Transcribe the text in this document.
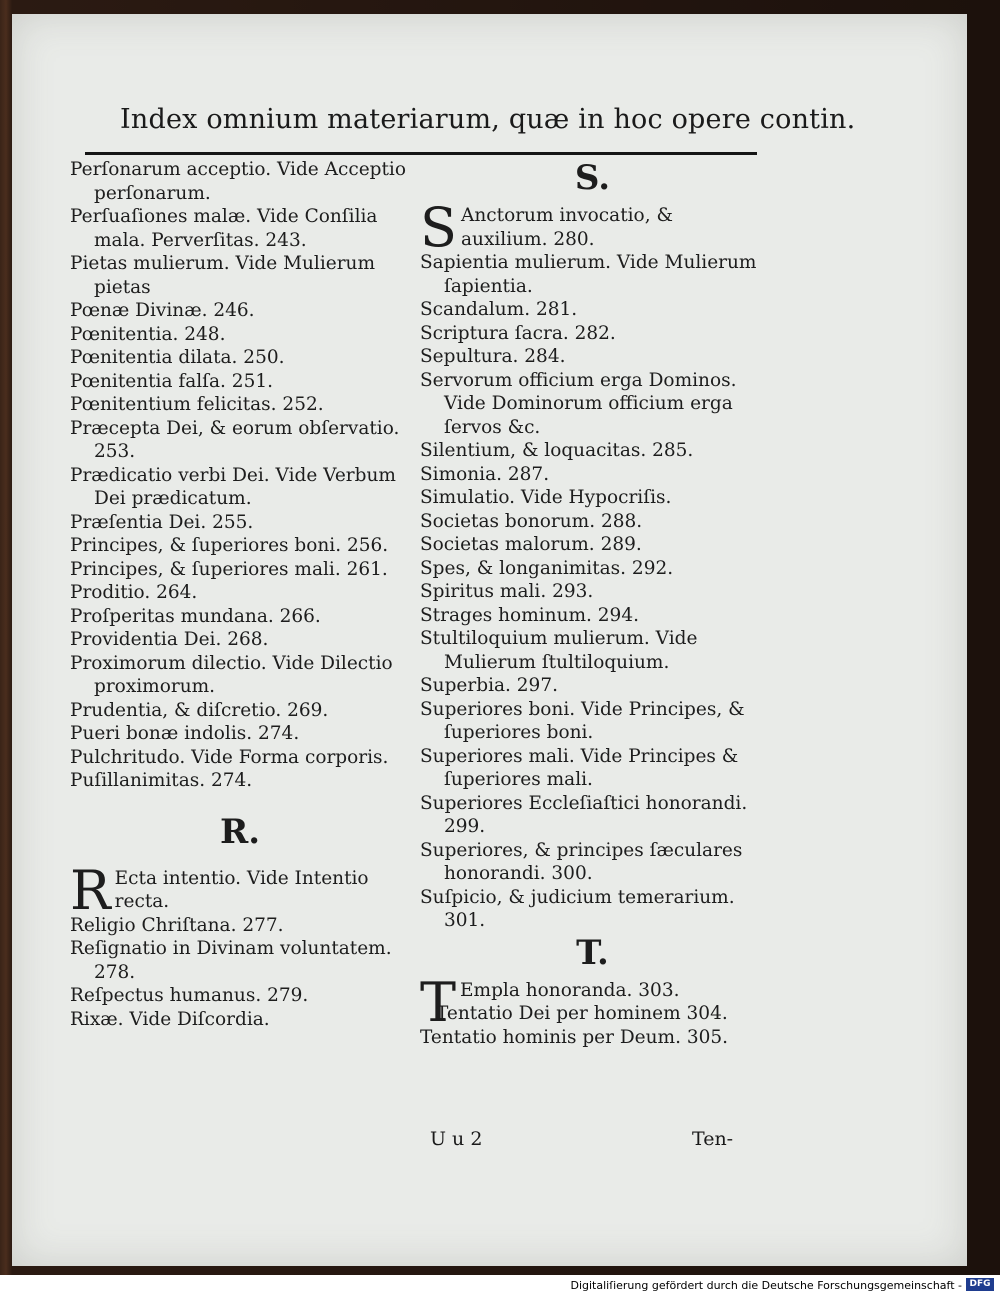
Index omnium materiarum, quæ in hoc opere contin.

Perſonarum acceptio. Vide Acceptio perſonarum.

Perſuaſiones malæ. Vide Conſilia mala. Perverſitas. 243.

Pietas mulierum. Vide Mulierum pietas

Pœnæ Divinæ. 246.

Pœnitentia. 248.

Pœnitentia dilata. 250.

Pœnitentia falſa. 251.

Pœnitentium felicitas. 252.

Præcepta Dei, & eorum obſervatio. 253.

Prædicatio verbi Dei. Vide Verbum Dei prædicatum.

Præſentia Dei. 255.

Principes, & ſuperiores boni. 256.

Principes, & ſuperiores mali. 261.

Proditio. 264.

Proſperitas mundana. 266.

Providentia Dei. 268.

Proximorum dilectio. Vide Dilectio proximorum.

Prudentia, & diſcretio. 269.

Pueri bonæ indolis. 274.

Pulchritudo. Vide Forma corporis.

Puſillanimitas. 274.

R.

R Ecta intentio. Vide Intentio recta.

Religio Chriſtana. 277.

Reſignatio in Divinam voluntatem. 278.

Reſpectus humanus. 279.

Rixæ. Vide Diſcordia.

S.

S Anctorum invocatio, & auxilium. 280.

Sapientia mulierum. Vide Mulierum ſapientia.

Scandalum. 281.

Scriptura ſacra. 282.

Sepultura. 284.

Servorum officium erga Dominos. Vide Dominorum officium erga ſervos &c.

Silentium, & loquacitas. 285.

Simonia. 287.

Simulatio. Vide Hypocriſis.

Societas bonorum. 288.

Societas malorum. 289.

Spes, & longanimitas. 292.

Spiritus mali. 293.

Strages hominum. 294.

Stultiloquium mulierum. Vide Mulierum ſtultiloquium.

Superbia. 297.

Superiores boni. Vide Principes, & ſuperiores boni.

Superiores mali. Vide Principes & ſuperiores mali.

Superiores Eccleſiaſtici honorandi. 299.

Superiores, & principes ſæculares honorandi. 300.

Suſpicio, & judicium temerarium. 301.

T.

T Empla honoranda. 303.

Tentatio Dei per hominem 304.

Tentatio hominis per Deum. 305.

U u 2	Ten-
Digitaliſierung gefördert durch die Deutsche Forschungsgemeinschaft - DFG
